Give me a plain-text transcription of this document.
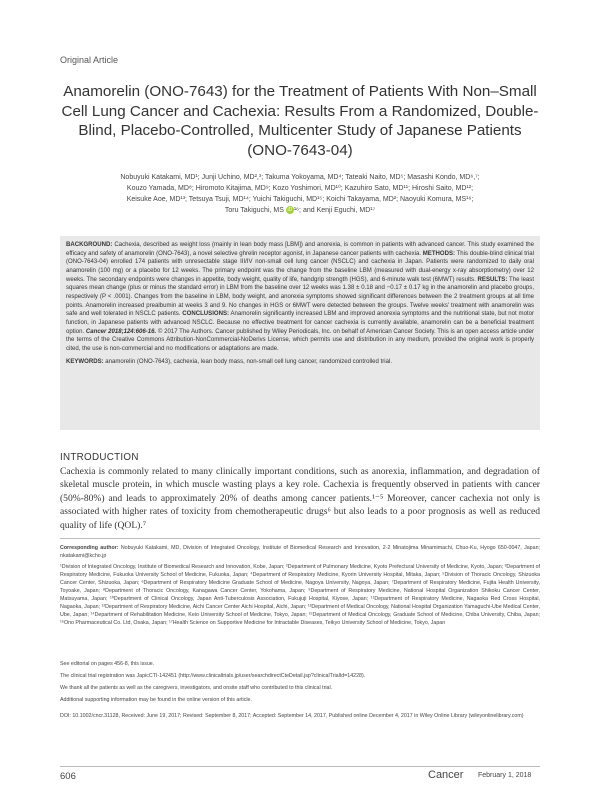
Original Article
Anamorelin (ONO-7643) for the Treatment of Patients With Non–Small Cell Lung Cancer and Cachexia: Results From a Randomized, Double-Blind, Placebo-Controlled, Multicenter Study of Japanese Patients (ONO-7643-04)
Nobuyuki Katakami, MD¹; Junji Uchino, MD²,³; Takuma Yokoyama, MD⁴; Tateaki Naito, MD⁵; Masashi Kondo, MD⁶,⁷;
Kouzo Yamada, MD⁸; Hiromoto Kitajima, MD⁹; Kozo Yoshimori, MD¹⁰; Kazuhiro Sato, MD¹¹; Hiroshi Saito, MD¹²;
Keisuke Aoe, MD¹³; Tetsuya Tsuji, MD¹⁴; Yuichi Takiguchi, MD¹⁵; Koichi Takayama, MD²; Naoyuki Komura, MS¹⁶;
Toru Takiguchi, MS iD ¹⁶; and Kenji Eguchi, MD¹⁷
BACKGROUND: Cachexia, described as weight loss (mainly in lean body mass [LBM]) and anorexia, is common in patients with advanced cancer. This study examined the efficacy and safety of anamorelin (ONO-7643), a novel selective ghrelin receptor agonist, in Japanese cancer patients with cachexia. METHODS: This double-blind clinical trial (ONO-7643-04) enrolled 174 patients with unresectable stage III/IV non-small cell lung cancer (NSCLC) and cachexia in Japan. Patients were randomized to daily oral anamorelin (100 mg) or a placebo for 12 weeks. The primary endpoint was the change from the baseline LBM (measured with dual-energy x-ray absorptiometry) over 12 weeks. The secondary endpoints were changes in appetite, body weight, quality of life, handgrip strength (HGS), and 6-minute walk test (6MWT) results. RESULTS: The least squares mean change (plus or minus the standard error) in LBM from the baseline over 12 weeks was 1.38 ± 0.18 and −0.17 ± 0.17 kg in the anamorelin and placebo groups, respectively (P < .0001). Changes from the baseline in LBM, body weight, and anorexia symptoms showed significant differences between the 2 treatment groups at all time points. Anamorelin increased prealbumin at weeks 3 and 9. No changes in HGS or 6MWT were detected between the groups. Twelve weeks' treatment with anamorelin was safe and well tolerated in NSCLC patients. CONCLUSIONS: Anamorelin significantly increased LBM and improved anorexia symptoms and the nutritional state, but not motor function, in Japanese patients with advanced NSCLC. Because no effective treatment for cancer cachexia is currently available, anamorelin can be a beneficial treatment option. Cancer 2018;124:606-16. © 2017 The Authors. Cancer published by Wiley Periodicals, Inc. on behalf of American Cancer Society. This is an open access article under the terms of the Creative Commons Attribution-NonCommercial-NoDerivs License, which permits use and distribution in any medium, provided the original work is properly cited, the use is non-commercial and no modifications or adaptations are made.
KEYWORDS: anamorelin (ONO-7643), cachexia, lean body mass, non-small cell lung cancer, randomized controlled trial.
INTRODUCTION
Cachexia is commonly related to many clinically important conditions, such as anorexia, inflammation, and degradation of skeletal muscle protein, in which muscle wasting plays a key role. Cachexia is frequently observed in patients with cancer (50%-80%) and leads to approximately 20% of deaths among cancer patients.¹⁻⁵ Moreover, cancer cachexia not only is associated with higher rates of toxicity from chemotherapeutic drugs⁶ but also leads to a poor prognosis as well as reduced quality of life (QOL).⁷
Corresponding author: Nobuyuki Katakami, MD, Division of Integrated Oncology, Institute of Biomedical Research and Innovation, 2-2 Minatojima Minamimachi, Chuo-Ku, Hyogo 650-0047, Japan; nkatakami@kcho.jp
¹Division of Integrated Oncology, Institute of Biomedical Research and Innovation, Kobe, Japan; ²Department of Pulmonary Medicine, Kyoto Prefectural University of Medicine, Kyoto, Japan; ³Department of Respiratory Medicine, Fukuoka University School of Medicine, Fukuoka, Japan; ⁴Department of Respiratory Medicine, Kyorin University Hospital, Mitaka, Japan; ⁵Division of Thoracic Oncology, Shizuoka Cancer Center, Shizuoka, Japan; ⁶Department of Respiratory Medicine Graduate School of Medicine, Nagoya University, Nagoya, Japan; ⁷Department of Respiratory Medicine, Fujita Health University, Toyoake, Japan; ⁸Department of Thoracic Oncology, Kanagawa Cancer Center, Yokohama, Japan; ⁹Department of Respiratory Medicine, National Hospital Organization Shikoku Cancer Center, Matsuyama, Japan; ¹⁰Department of Clinical Oncology, Japan Anti-Tuberculosis Association, Fukujuji Hospital, Kiyose, Japan; ¹¹Department of Respiratory Medicine, Nagaoka Red Cross Hospital, Nagaoka, Japan; ¹²Department of Respiratory Medicine, Aichi Cancer Center Aichi Hospital, Aichi, Japan; ¹³Department of Medical Oncology, National Hospital Organization Yamaguchi-Ube Medical Center, Ube, Japan; ¹⁴Department of Rehabilitation Medicine, Keio University School of Medicine, Tokyo, Japan; ¹⁵Department of Medical Oncology, Graduate School of Medicine, Chiba University, Chiba, Japan; ¹⁶Ono Pharmaceutical Co. Ltd, Osaka, Japan; ¹⁷Health Science on Supportive Medicine for Intractable Diseases, Teikyo University School of Medicine, Tokyo, Japan
See editorial on pages 456-8, this issue.
The clinical trial registration was JapicCTI-142451 (http://www.clinicaltrials.jp/user/searchdirectCteDetail.jsp?clinicalTrialId=14228).
We thank all the patients as well as the caregivers, investigators, and onsite staff who contributed to this clinical trial.
Additional supporting information may be found in the online version of this article.
DOI: 10.1002/cncr.31128, Received: June 19, 2017; Revised: September 8, 2017; Accepted: September 14, 2017, Published online December 4, 2017 in Wiley Online Library (wileyonlinelibrary.com)
606	Cancer February 1, 2018
